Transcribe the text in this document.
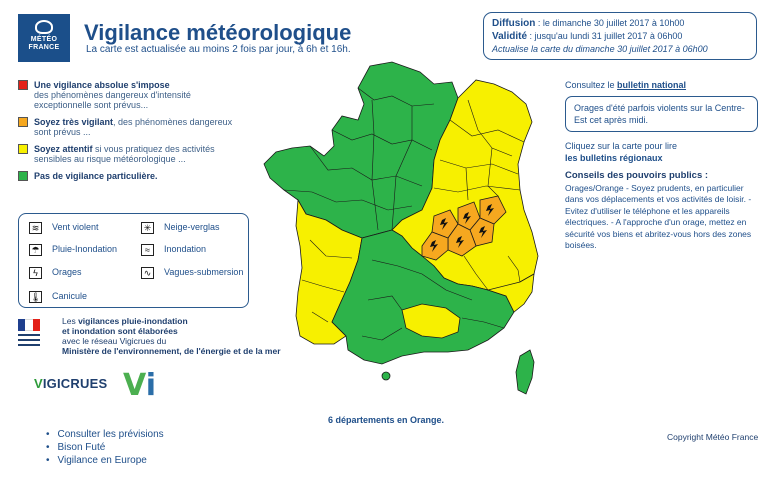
MÉTÉO
FRANCE
Vigilance météorologique
La carte est actualisée au moins 2 fois par jour, à 6h et 16h.
Diffusion : le dimanche 30 juillet 2017 à 10h00
Validité : jusqu'au lundi 31 juillet 2017 à 06h00
Actualise la carte du dimanche 30 juillet 2017 à 06h00
Une vigilance absolue s'impose
des phénomènes dangereux d'intensité exceptionnelle sont prévus...
Soyez très vigilant, des phénomènes dangereux sont prévus ...
Soyez attentif si vous pratiquez des activités sensibles au risque météorologique ...
Pas de vigilance particulière.
≋ Vent violent	✳ Neige-verglas
☂ Pluie-Inondation	≈ Inondation
ϟ Orages	∿ Vagues-submersion
🌡 Canicule
Les vigilances pluie-inondation
et inondation sont élaborées
avec le réseau Vigicrues du
Ministère de l'environnement, de l'énergie et de la mer
VIGICRUES Vi
6 départements en Orange.
Consultez le bulletin national
Orages d'été parfois violents sur la Centre-Est cet après midi.
Cliquez sur la carte pour lire
les bulletins régionaux
Conseils des pouvoirs publics :
Orages/Orange - Soyez prudents, en particulier dans vos déplacements et vos activités de loisir. - Evitez d'utiliser le téléphone et les appareils électriques. - A l'approche d'un orage, mettez en sécurité vos biens et abritez-vous hors des zones boisées.
• Consulter les prévisions
• Bison Futé
• Vigilance en Europe
Copyright Météo France
